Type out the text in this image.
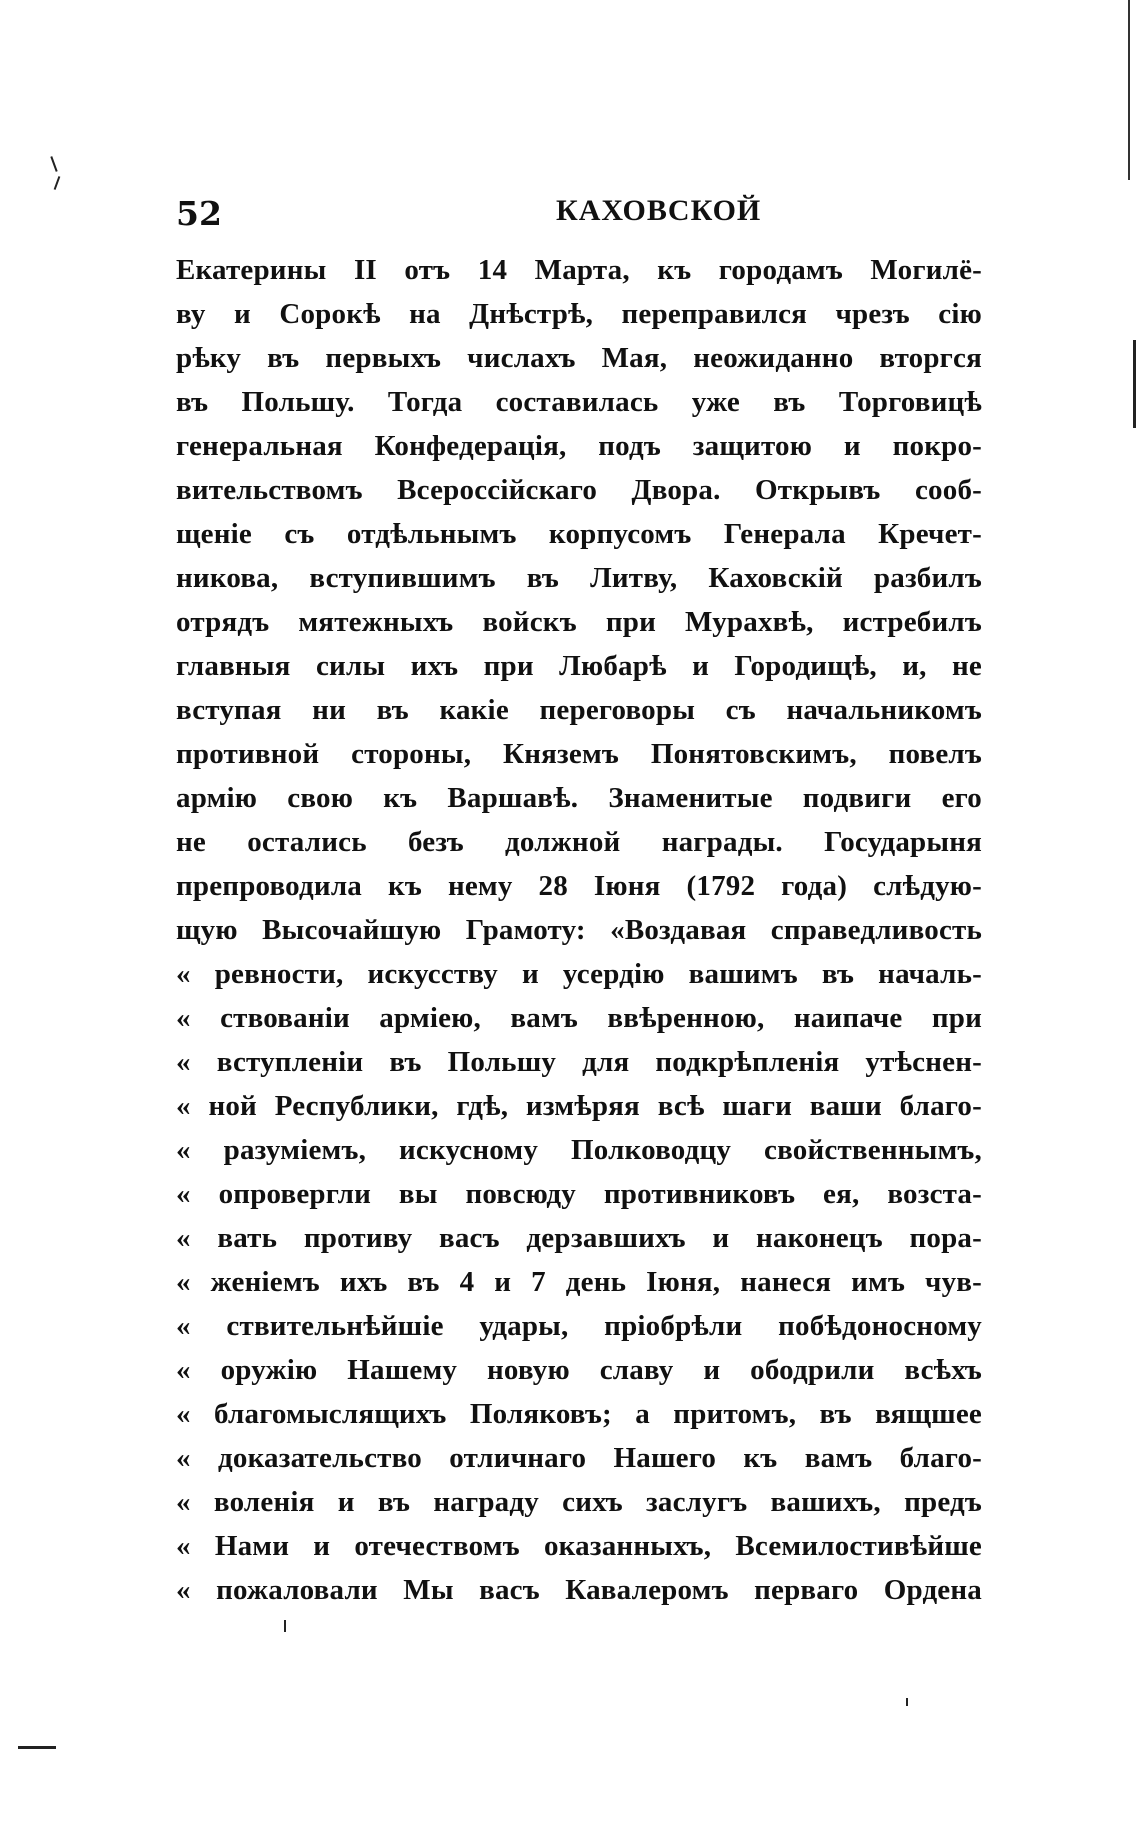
52	КАХОВСКОЙ
Екатерины II отъ 14 Марта, къ городамъ Могилё-
ву и Сорокѣ на Днѣстрѣ, переправился чрезъ сiю
рѣку въ первыхъ числахъ Мая, неожиданно вторгся
въ Польшу. Тогда составилась уже въ Торговицѣ
генеральная Конфедерацiя, подъ защитою и покро-
вительствомъ Всероссiйскаго Двора. Открывъ сооб-
щенiе съ отдѣльнымъ корпусомъ Генерала Кречет-
никова, вступившимъ въ Литву, Каховскiй разбилъ
отрядъ мятежныхъ войскъ при Мурахвѣ, истребилъ
главныя силы ихъ при Любарѣ и Городищѣ, и, не
вступая ни въ какiе переговоры съ начальникомъ
противной стороны, Княземъ Понятовскимъ, повелъ
армiю свою къ Варшавѣ. Знаменитые подвиги его
не остались безъ должной награды. Государыня
препроводила къ нему 28 Iюня (1792 года) слѣдую-
щую Высочайшую Грамоту: «Воздавая справедливость
« ревности, искусству и усердiю вашимъ въ началь-
« ствованiи армiею, вамъ ввѣренною, наипаче при
« вступленiи въ Польшу для подкрѣпленiя утѣснен-
« ной Республики, гдѣ, измѣряя всѣ шаги ваши благо-
« разумiемъ, искусному Полководцу свойственнымъ,
« опровергли вы повсюду противниковъ ея, возста-
« вать противу васъ дерзавшихъ и наконецъ пора-
« женiемъ ихъ въ 4 и 7 день Iюня, нанеся имъ чув-
« ствительнѣйшiе удары, прiобрѣли побѣдоносному
« оружiю Нашему новую славу и ободрили всѣхъ
« благомыслящихъ Поляковъ; а притомъ, въ вящшее
« доказательство отличнаго Нашего къ вамъ благо-
« воленiя и въ награду сихъ заслугъ вашихъ, предъ
« Нами и отечествомъ оказанныхъ, Всемилостивѣйше
« пожаловали Мы васъ Кавалеромъ перваго Ордена
